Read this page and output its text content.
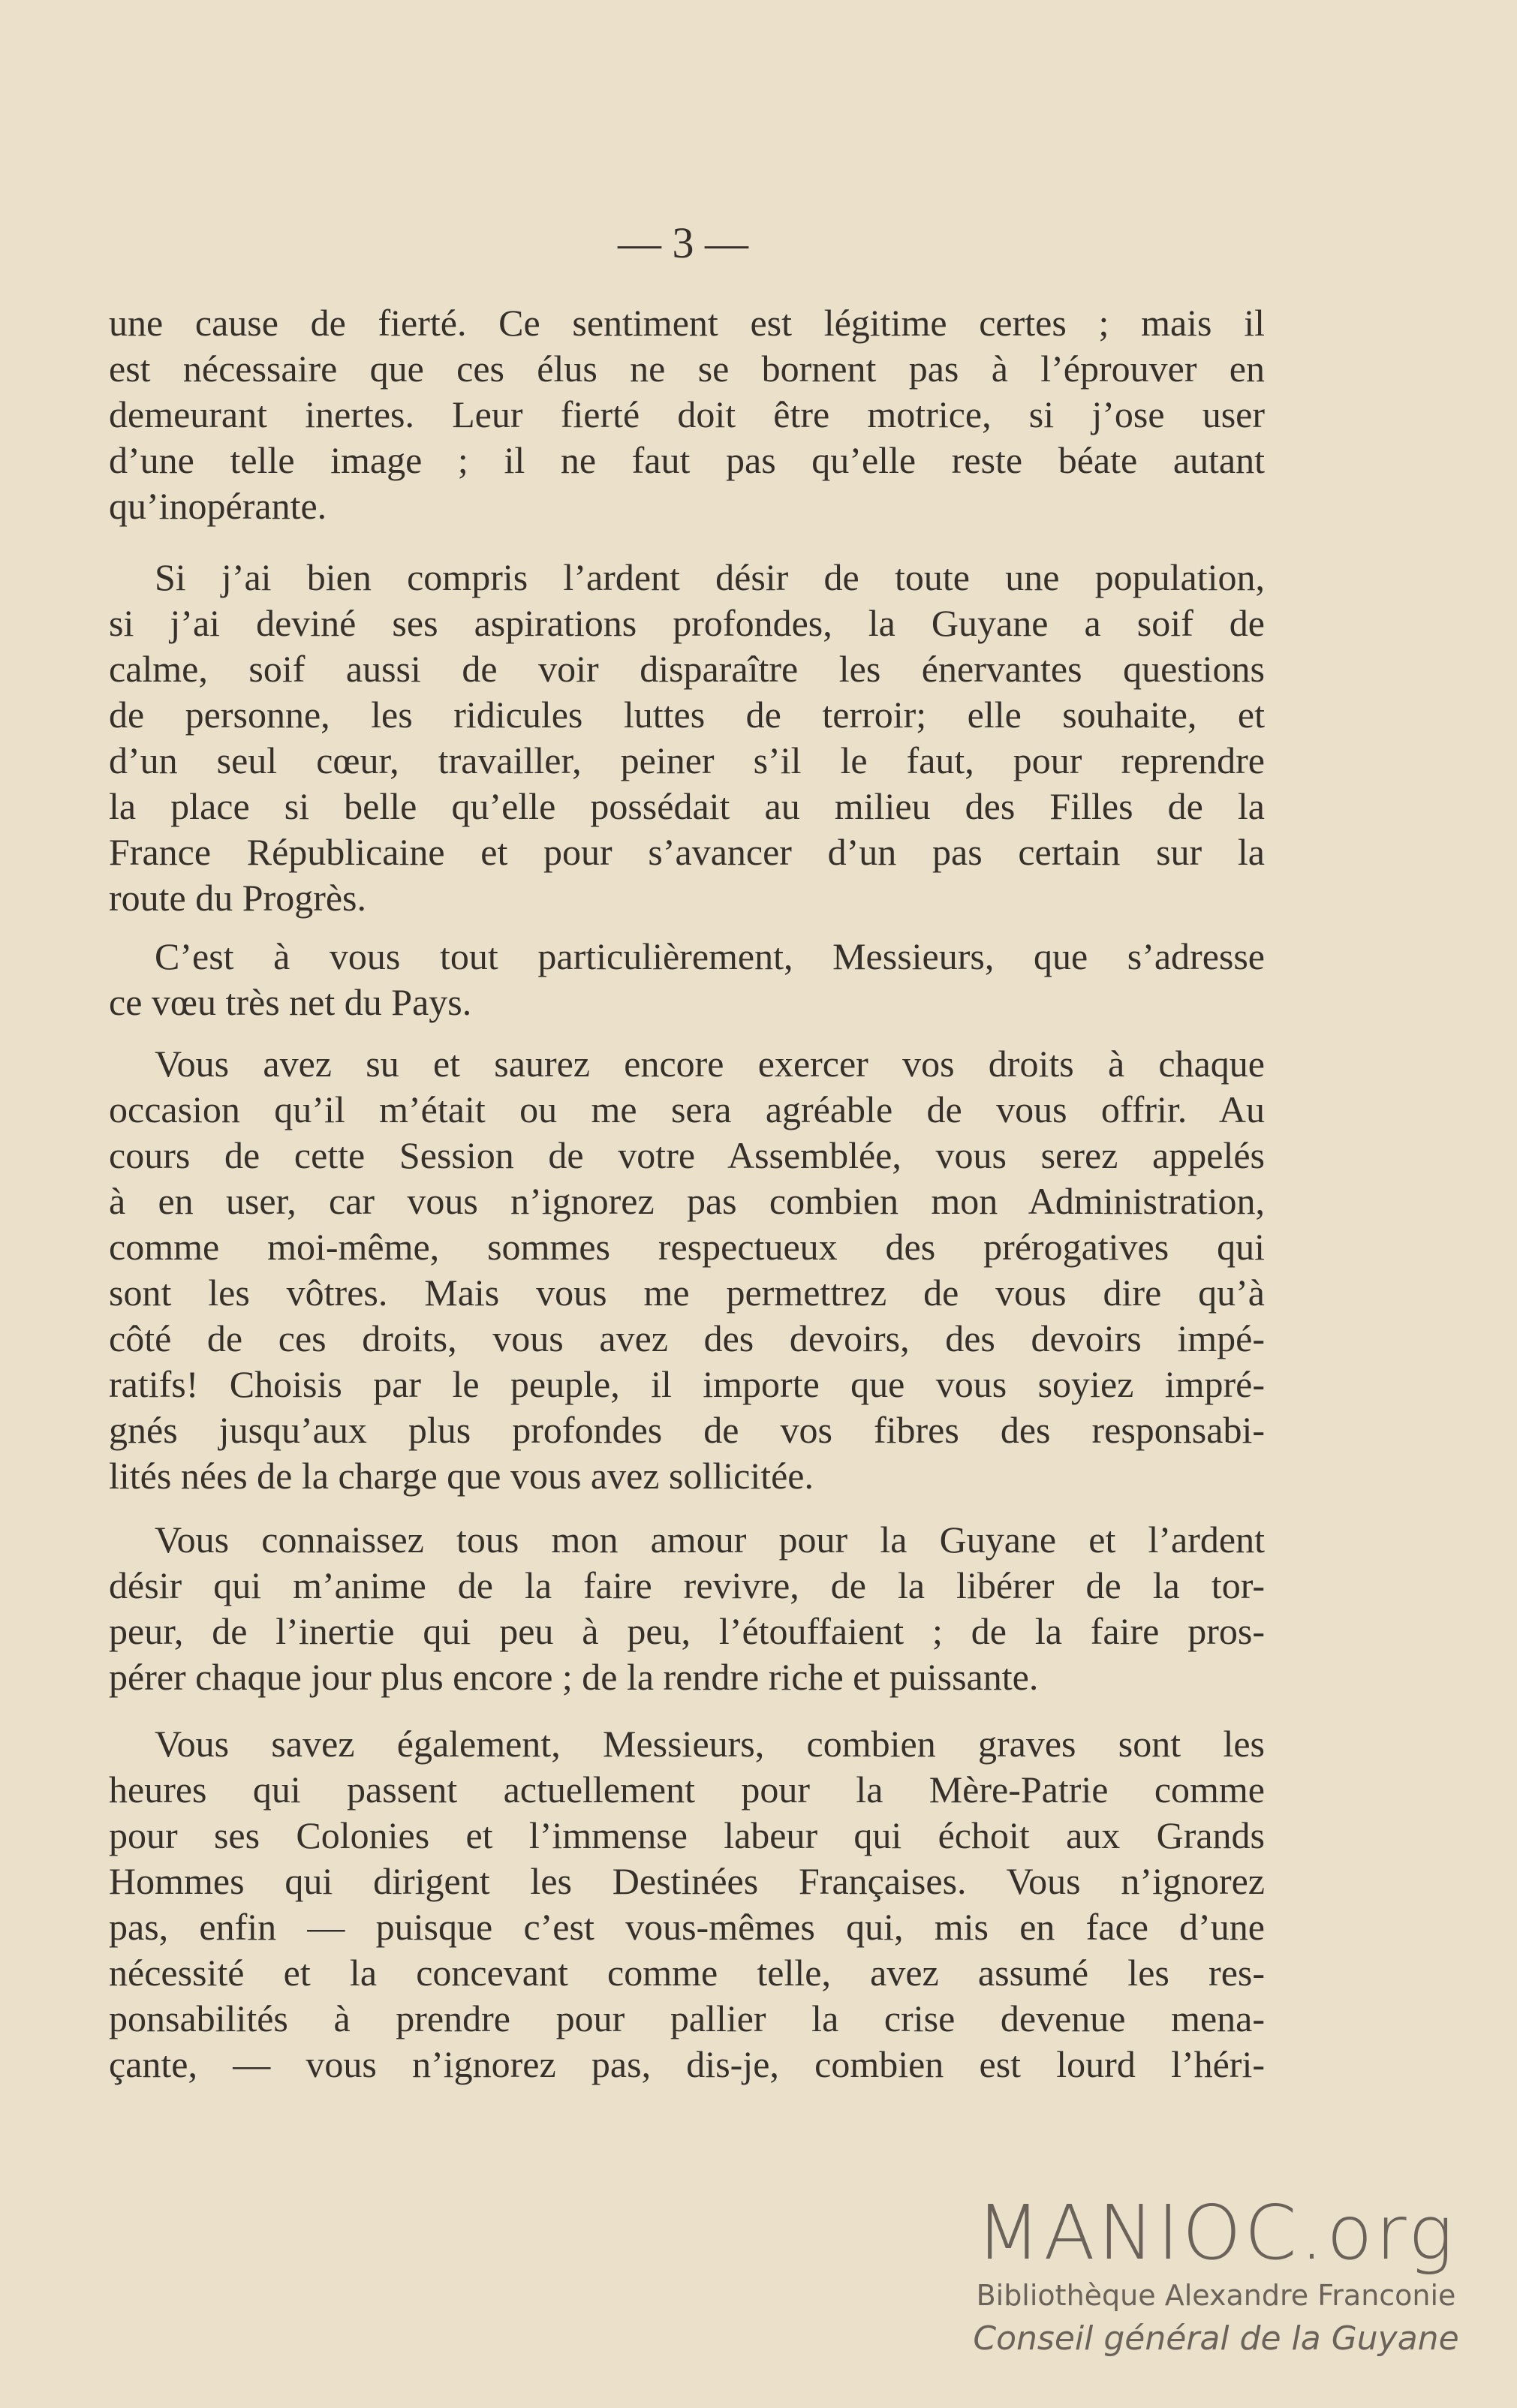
— 3 —
une cause de fierté. Ce sentiment est légitime certes ; mais il
est nécessaire que ces élus ne se bornent pas à l’éprouver en
demeurant inertes. Leur fierté doit être motrice, si j’ose user
d’une telle image ; il ne faut pas qu’elle reste béate autant
qu’inopérante.
Si j’ai bien compris l’ardent désir de toute une population,
si j’ai deviné ses aspirations profondes, la Guyane a soif de
calme, soif aussi de voir disparaître les énervantes questions
de personne, les ridicules luttes de terroir; elle souhaite, et
d’un seul cœur, travailler, peiner s’il le faut, pour reprendre
la place si belle qu’elle possédait au milieu des Filles de la
France Républicaine et pour s’avancer d’un pas certain sur la
route du Progrès.
C’est à vous tout particulièrement, Messieurs, que s’adresse
ce vœu très net du Pays.
Vous avez su et saurez encore exercer vos droits à chaque
occasion qu’il m’était ou me sera agréable de vous offrir. Au
cours de cette Session de votre Assemblée, vous serez appelés
à en user, car vous n’ignorez pas combien mon Administration,
comme moi-même, sommes respectueux des prérogatives qui
sont les vôtres. Mais vous me permettrez de vous dire qu’à
côté de ces droits, vous avez des devoirs, des devoirs impé-
ratifs! Choisis par le peuple, il importe que vous soyiez impré-
gnés jusqu’aux plus profondes de vos fibres des responsabi-
lités nées de la charge que vous avez sollicitée.
Vous connaissez tous mon amour pour la Guyane et l’ardent
désir qui m’anime de la faire revivre, de la libérer de la tor-
peur, de l’inertie qui peu à peu, l’étouffaient ; de la faire pros-
pérer chaque jour plus encore ; de la rendre riche et puissante.
Vous savez également, Messieurs, combien graves sont les
heures qui passent actuellement pour la Mère-Patrie comme
pour ses Colonies et l’immense labeur qui échoit aux Grands
Hommes qui dirigent les Destinées Françaises. Vous n’ignorez
pas, enfin — puisque c’est vous-mêmes qui, mis en face d’une
nécessité et la concevant comme telle, avez assumé les res-
ponsabilités à prendre pour pallier la crise devenue mena-
çante, — vous n’ignorez pas, dis-je, combien est lourd l’héri-
MANIOC.org
Bibliothèque Alexandre Franconie
Conseil général de la Guyane
